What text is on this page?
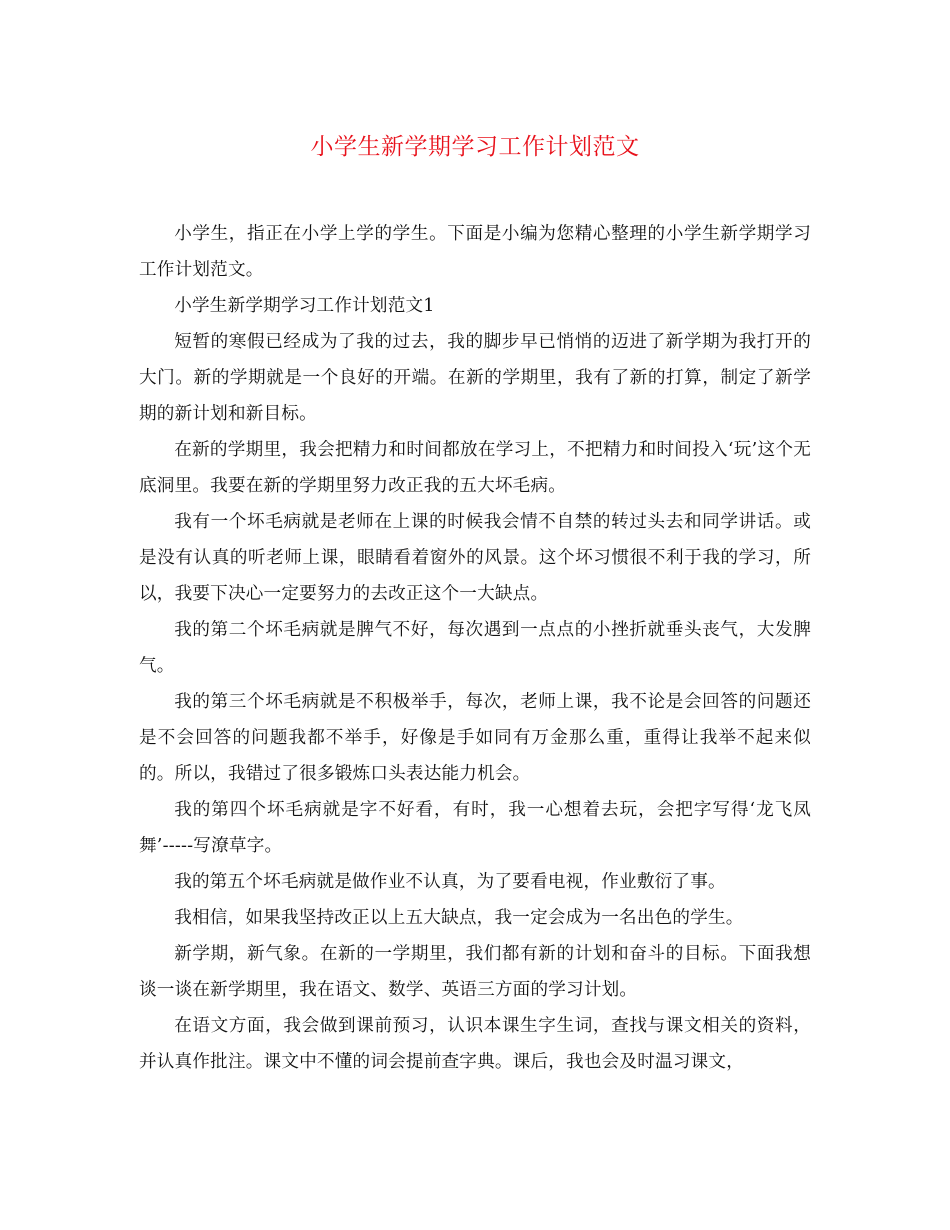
小学生新学期学习工作计划范文

小学生，指正在小学上学的学生。下面是小编为您精心整理的小学生新学期学习工作计划范文。

小学生新学期学习工作计划范文1

短暂的寒假已经成为了我的过去，我的脚步早已悄悄的迈进了新学期为我打开的大门。新的学期就是一个良好的开端。在新的学期里，我有了新的打算，制定了新学期的新计划和新目标。

在新的学期里，我会把精力和时间都放在学习上，不把精力和时间投入‘玩’这个无底洞里。我要在新的学期里努力改正我的五大坏毛病。

我有一个坏毛病就是老师在上课的时候我会情不自禁的转过头去和同学讲话。或是没有认真的听老师上课，眼睛看着窗外的风景。这个坏习惯很不利于我的学习，所以，我要下决心一定要努力的去改正这个一大缺点。

我的第二个坏毛病就是脾气不好，每次遇到一点点的小挫折就垂头丧气，大发脾气。

我的第三个坏毛病就是不积极举手，每次，老师上课，我不论是会回答的问题还是不会回答的问题我都不举手，好像是手如同有万金那么重，重得让我举不起来似的。所以，我错过了很多锻炼口头表达能力机会。

我的第四个坏毛病就是字不好看，有时，我一心想着去玩，会把字写得‘龙飞凤舞’-----写潦草字。

我的第五个坏毛病就是做作业不认真，为了要看电视，作业敷衍了事。

我相信，如果我坚持改正以上五大缺点，我一定会成为一名出色的学生。

新学期，新气象。在新的一学期里，我们都有新的计划和奋斗的目标。下面我想谈一谈在新学期里，我在语文、数学、英语三方面的学习计划。

在语文方面，我会做到课前预习，认识本课生字生词，查找与课文相关的资料，并认真作批注。课文中不懂的词会提前查字典。课后，我也会及时温习课文，
